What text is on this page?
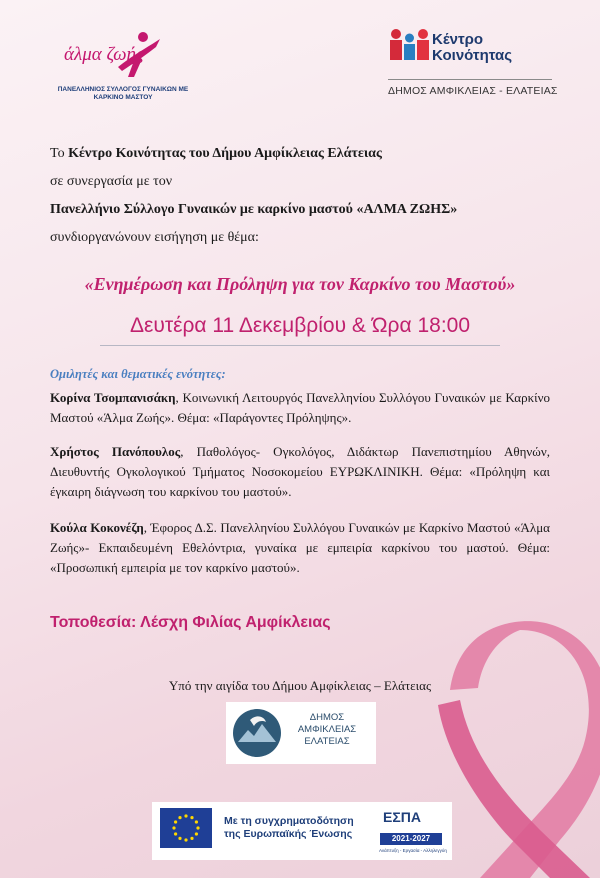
άλμα ζωής
ΠΑΝΕΛΛΗΝΙΟΣ ΣΥΛΛΟΓΟΣ ΓΥΝΑΙΚΩΝ ΜΕ ΚΑΡΚΙΝΟ ΜΑΣΤΟΥ
Κέντρο
Κοινότητας
ΔΗΜΟΣ ΑΜΦΙΚΛΕΙΑΣ - ΕΛΑΤΕΙΑΣ
Το Κέντρο Κοινότητας του Δήμου Αμφίκλειας Ελάτειας
σε συνεργασία με τον
Πανελλήνιο Σύλλογο Γυναικών με καρκίνο μαστού «ΑΛΜΑ ΖΩΗΣ»
συνδιοργανώνουν εισήγηση με θέμα:
«Ενημέρωση και Πρόληψη για τον Καρκίνο του Μαστού»
Δευτέρα 11 Δεκεμβρίου & Ώρα 18:00
Ομιλητές και θεματικές ενότητες:
Κορίνα Τσομπανισάκη, Κοινωνική Λειτουργός Πανελληνίου Συλλόγου Γυναικών με Καρκίνο Μαστού «Άλμα Ζωής». Θέμα: «Παράγοντες Πρόληψης».
Χρήστος Πανόπουλος, Παθολόγος- Ογκολόγος, Διδάκτωρ Πανεπιστημίου Αθηνών, Διευθυντής Ογκολογικού Τμήματος Νοσοκομείου ΕΥΡΩΚΛΙΝΙΚΗ. Θέμα: «Πρόληψη και έγκαιρη διάγνωση του καρκίνου του μαστού».
Κούλα Κοκονέζη, Έφορος Δ.Σ. Πανελληνίου Συλλόγου Γυναικών με Καρκίνο Μαστού «Άλμα Ζωής»- Εκπαιδευμένη Εθελόντρια, γυναίκα με εμπειρία καρκίνου του μαστού. Θέμα: «Προσωπική εμπειρία με τον καρκίνο μαστού».
Τοποθεσία: Λέσχη Φιλίας Αμφίκλειας
Υπό την αιγίδα του Δήμου Αμφίκλειας – Ελάτειας
ΔΗΜΟΣ
ΑΜΦΙΚΛΕΙΑΣ
ΕΛΑΤΕΙΑΣ
Με τη συγχρηματοδότηση
της Ευρωπαϊκής Ένωσης
ΕΣΠΑ
2021-2027
Ανάπτυξη - Εργασία - Αλληλεγγύη
